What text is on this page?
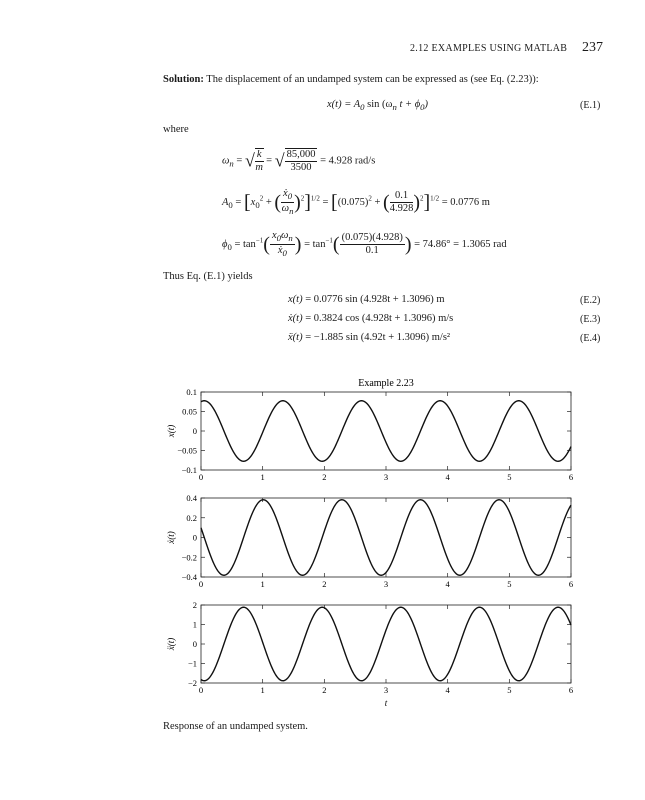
2.12 EXAMPLES USING MATLAB 237
Solution: The displacement of an undamped system can be expressed as (see Eq. (2.23)):
$x(t) = A_0$ $\sin (\omega_n$ $t + \phi_0$)	(E.1)
where
$\omega_n$ = √ $\frac{k}{m}$ = √ $\frac{85,000}{3500} = 4.928$ rad/s
$A_0 = [x_0^2$ + ( $\frac{ẋ_0}{\omega_n} )^2]^{1/2} = [(0.075)^2$ + ( $\frac{0.1}{4.928} )^2]^{1/2} = 0.0776$ m
$\phi_0 = \tan^{-1}( \frac{x_0\omega_n}{ẋ_0}$ ) = $\tan^{-1}( \frac{(0.075)(4.928)}{0.1}$ ) = 74.86° = 1.3065 rad
Thus Eq. (E.1) yields
x(t) = 0.0776 sin (4.928t + 1.3096) m	(E.2)
ẋ(t) = 0.3824 cos (4.928t + 1.3096) m/s	(E.3)
ẍ(t) = −1.885 sin (4.92t + 1.3096) m/s²	(E.4)
Example 2.23
0	1	2	3	4	5	6
0.1
0.05
0
−0.05
−0.1
x(t)
0	1	2	3	4	5	6
0.4
0.2
0
−0.2
−0.4
ẋ(t)
0	1	2	3	4	5	6
2
1
0
−1
−2
ẍ(t)
t
Response of an undamped system.
